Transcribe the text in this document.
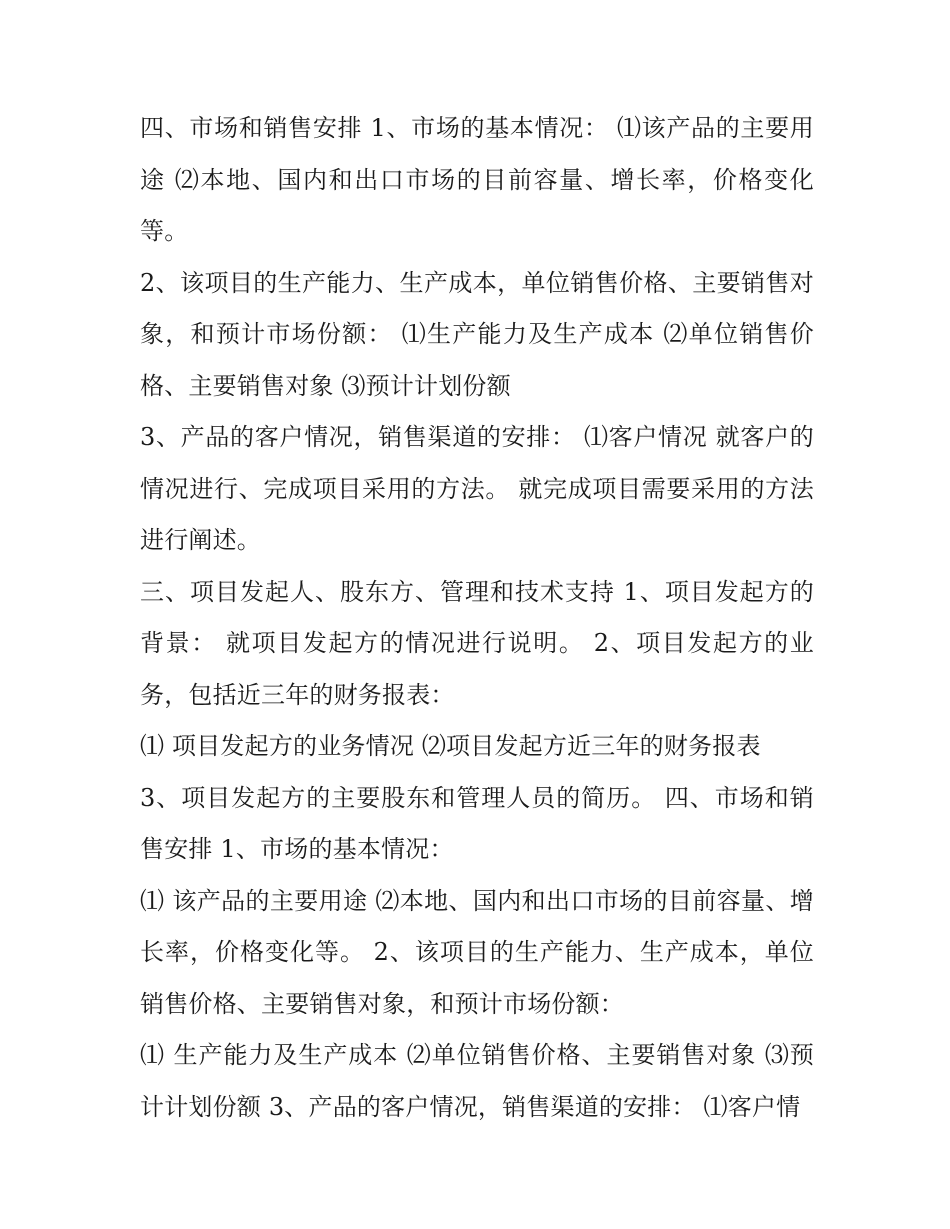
四、市场和销售安排 1、市场的基本情况： ⑴该产品的主要用途 ⑵本地、国内和出口市场的目前容量、增长率，价格变化等。

2、该项目的生产能力、生产成本，单位销售价格、主要销售对象，和预计市场份额： ⑴生产能力及生产成本 ⑵单位销售价格、主要销售对象 ⑶预计计划份额

3、产品的客户情况，销售渠道的安排： ⑴客户情况 就客户的情况进行、完成项目采用的方法。 就完成项目需要采用的方法进行阐述。

三、项目发起人、股东方、管理和技术支持 1、项目发起方的背景： 就项目发起方的情况进行说明。 2、项目发起方的业务，包括近三年的财务报表：

⑴ 项目发起方的业务情况 ⑵项目发起方近三年的财务报表

3、项目发起方的主要股东和管理人员的简历。 四、市场和销售安排 1、市场的基本情况：

⑴ 该产品的主要用途 ⑵本地、国内和出口市场的目前容量、增长率，价格变化等。 2、该项目的生产能力、生产成本，单位销售价格、主要销售对象，和预计市场份额：

⑴ 生产能力及生产成本 ⑵单位销售价格、主要销售对象 ⑶预计计划份额 3、产品的客户情况，销售渠道的安排： ⑴客户情
